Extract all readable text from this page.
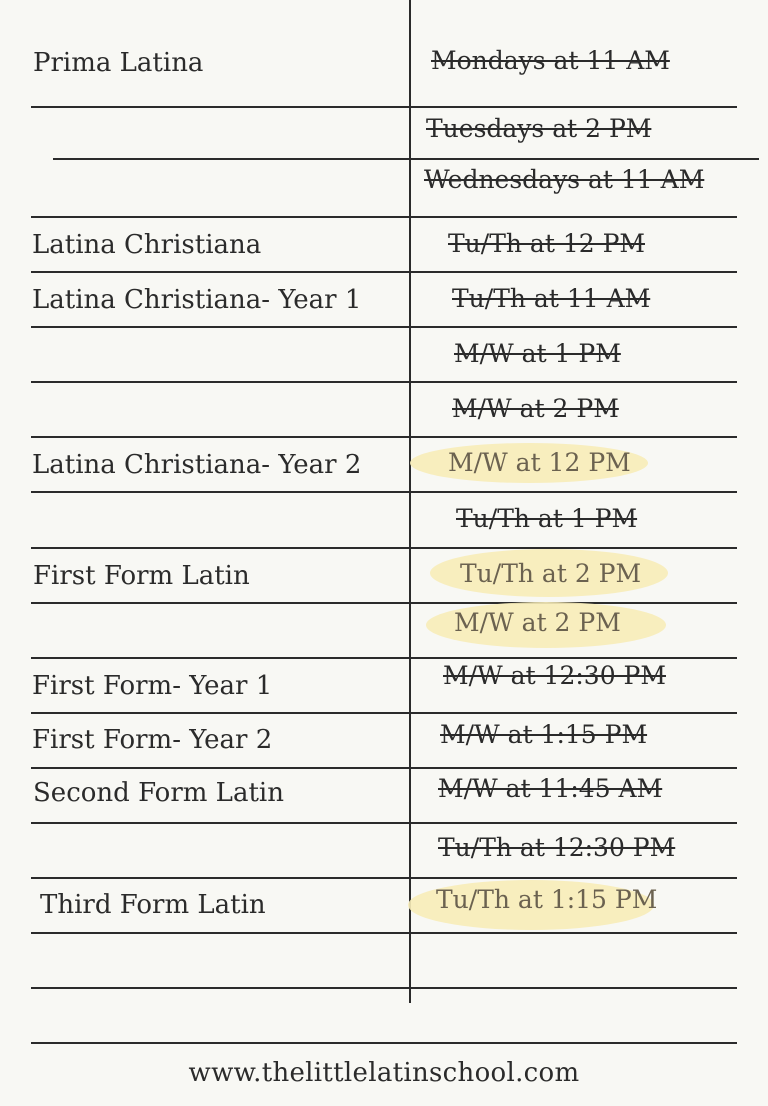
Prima Latina
Latina Christiana
Latina Christiana- Year 1
Latina Christiana- Year 2
First Form Latin
First Form- Year 1
First Form- Year 2
Second Form Latin
Third Form Latin
Mondays at 11 AM
Tuesdays at 2 PM
Wednesdays at 11 AM
Tu/Th at 12 PM
Tu/Th at 11 AM
M/W at 1 PM
M/W at 2 PM
M/W at 12 PM
Tu/Th at 1 PM
Tu/Th at 2 PM
M/W at 2 PM
M/W at 12:30 PM
M/W at 1:15 PM
M/W at 11:45 AM
Tu/Th at 12:30 PM
Tu/Th at 1:15 PM
www.thelittlelatinschool.com
